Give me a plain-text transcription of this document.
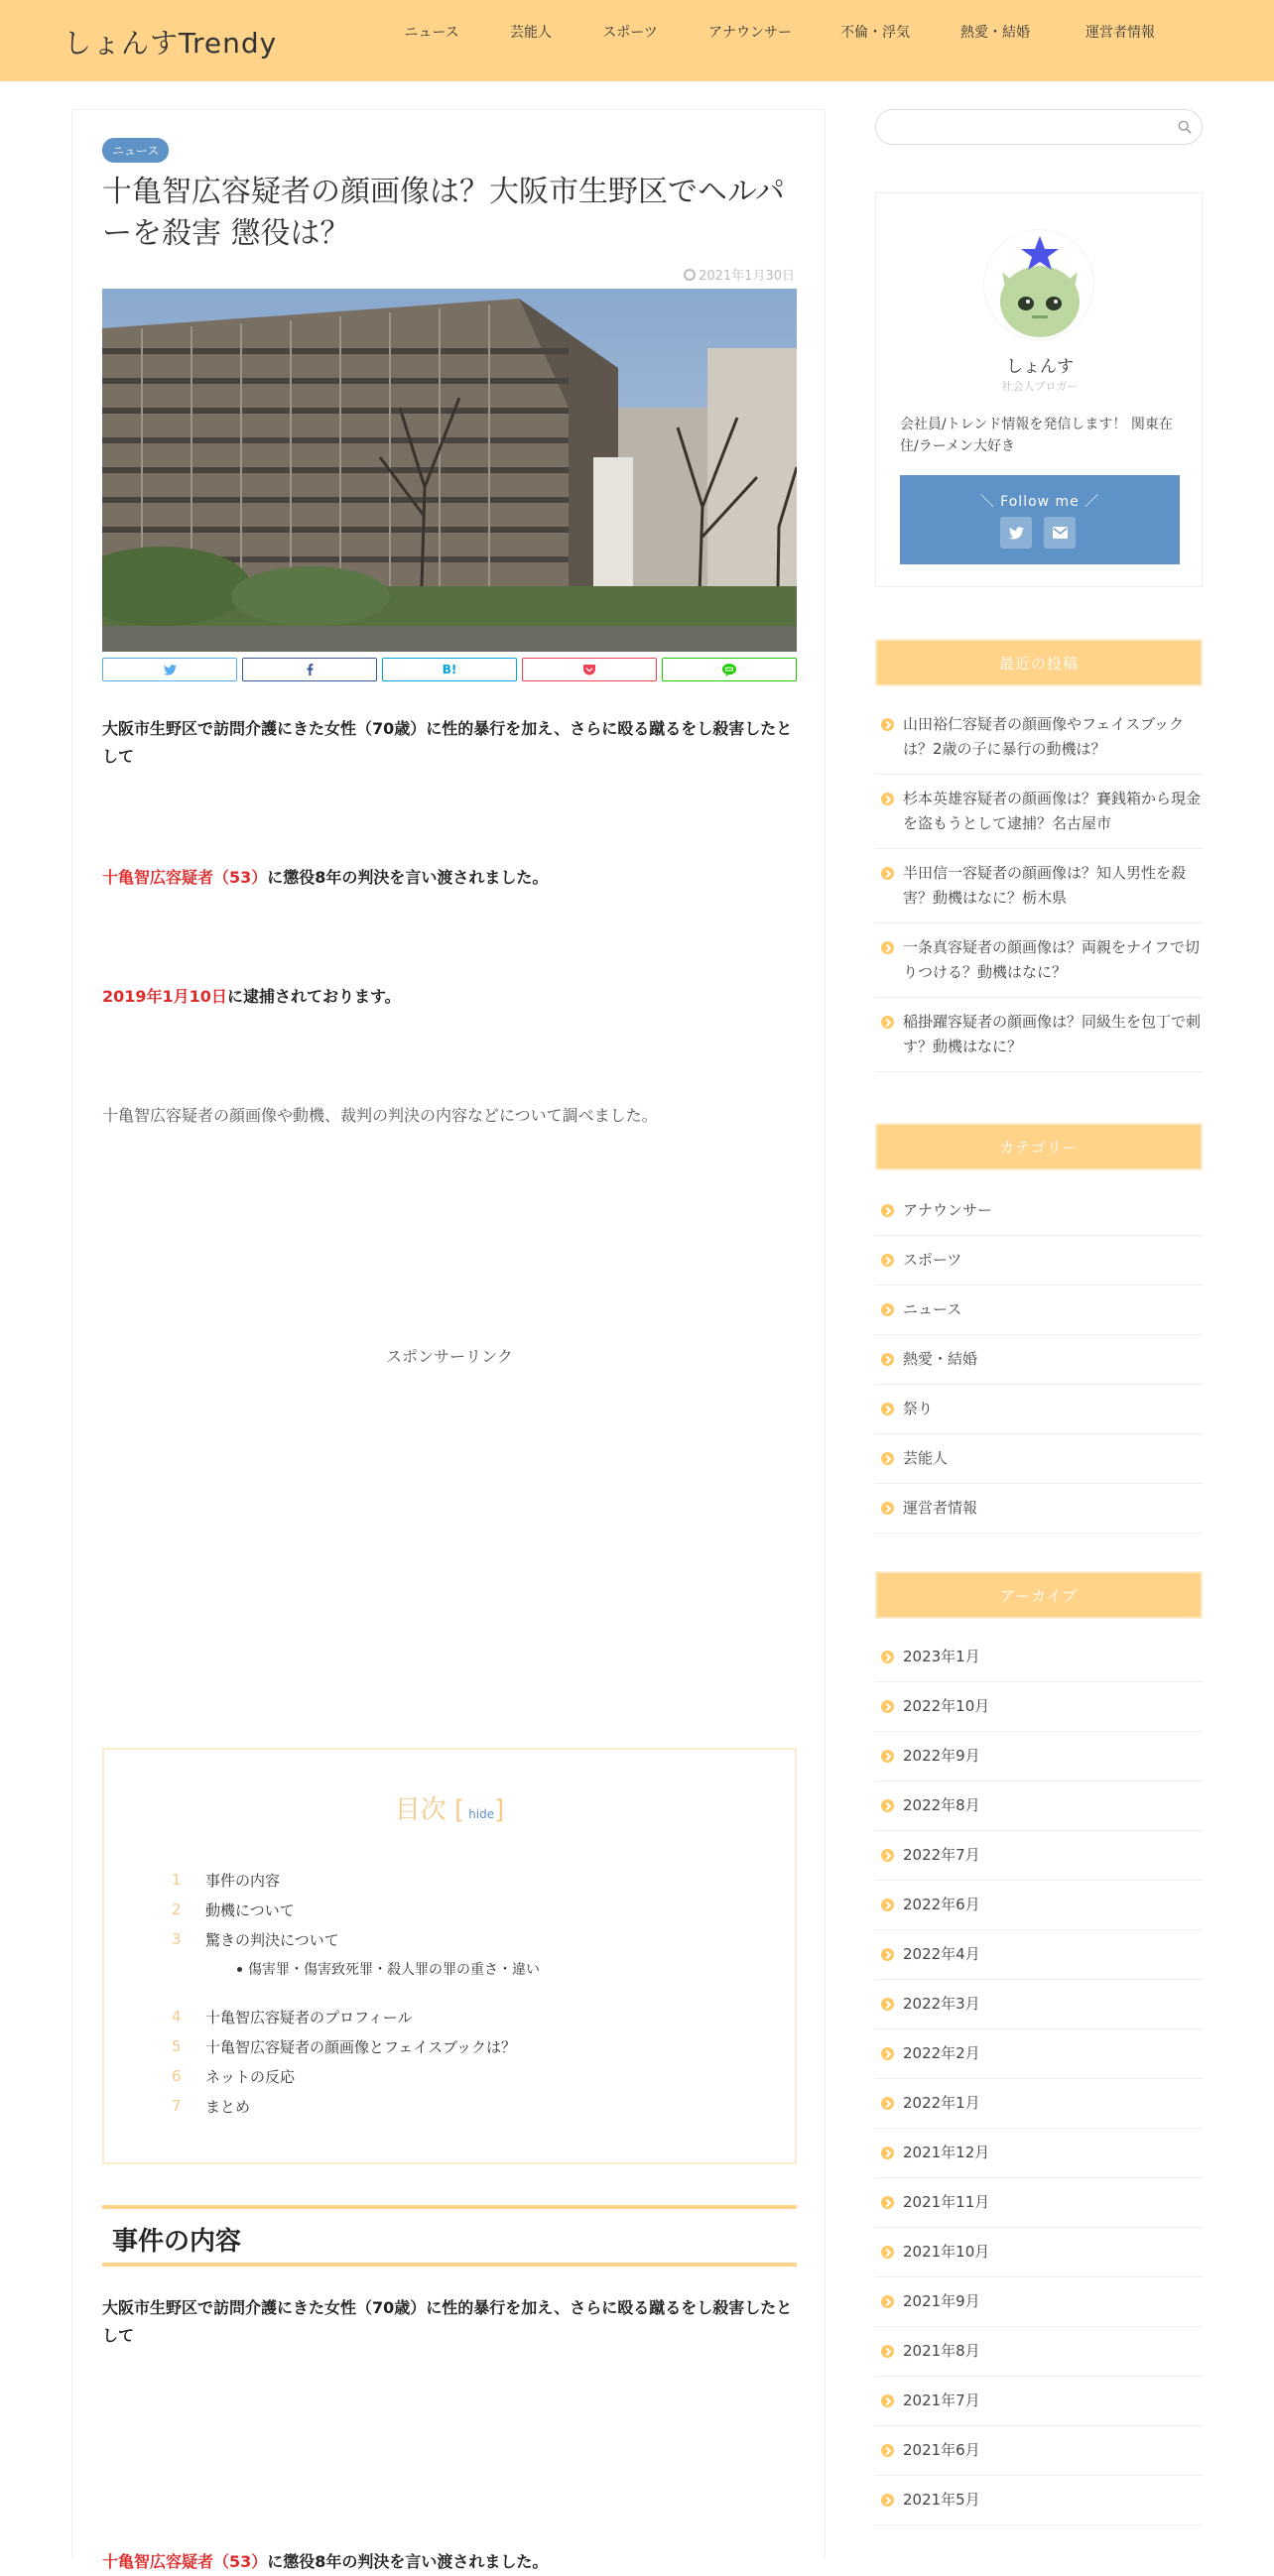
しょんすTrendy	ニュース	芸能人	スポーツ	アナウンサー	不倫・浮気	熱愛・結婚	運営者情報
ニュース
十亀智広容疑者の顔画像は？大阪市生野区でヘルパーを殺害 懲役は？
2021年1月30日
B!

大阪市生野区で訪問介護にきた女性（70歳）に性的暴行を加え、さらに殴る蹴るをし殺害したとして

十亀智広容疑者（53）に懲役8年の判決を言い渡されました。

2019年1月10日に逮捕されております。

十亀智広容疑者の顔画像や動機、裁判の判決の内容などについて調べました。

スポンサーリンク
目次 [ hide]
1	事件の内容
2	動機について
3	驚きの判決について
傷害罪・傷害致死罪・殺人罪の罪の重さ・違い
4	十亀智広容疑者のプロフィール
5	十亀智広容疑者の顔画像とフェイスブックは？
6	ネットの反応
7	まとめ
事件の内容

大阪市生野区で訪問介護にきた女性（70歳）に性的暴行を加え、さらに殴る蹴るをし殺害したとして

十亀智広容疑者（53）に懲役8年の判決を言い渡されました。

しょんす
社会人ブロガー
会社員/トレンド情報を発信します！ 関東在住/ラーメン大好き
＼ Follow me ／
最近の投稿
山田裕仁容疑者の顔画像やフェイスブックは？2歳の子に暴行の動機は？
杉本英雄容疑者の顔画像は？賽銭箱から現金を盗もうとして逮捕？名古屋市
半田信一容疑者の顔画像は？知人男性を殺害？動機はなに？栃木県
一条真容疑者の顔画像は？両親をナイフで切りつける？動機はなに？
稲掛躍容疑者の顔画像は？同級生を包丁で刺す？動機はなに？
カテゴリー
アナウンサー
スポーツ
ニュース
熱愛・結婚
祭り
芸能人
運営者情報
アーカイブ
2023年1月
2022年10月
2022年9月
2022年8月
2022年7月
2022年6月
2022年4月
2022年3月
2022年2月
2022年1月
2021年12月
2021年11月
2021年10月
2021年9月
2021年8月
2021年7月
2021年6月
2021年5月
